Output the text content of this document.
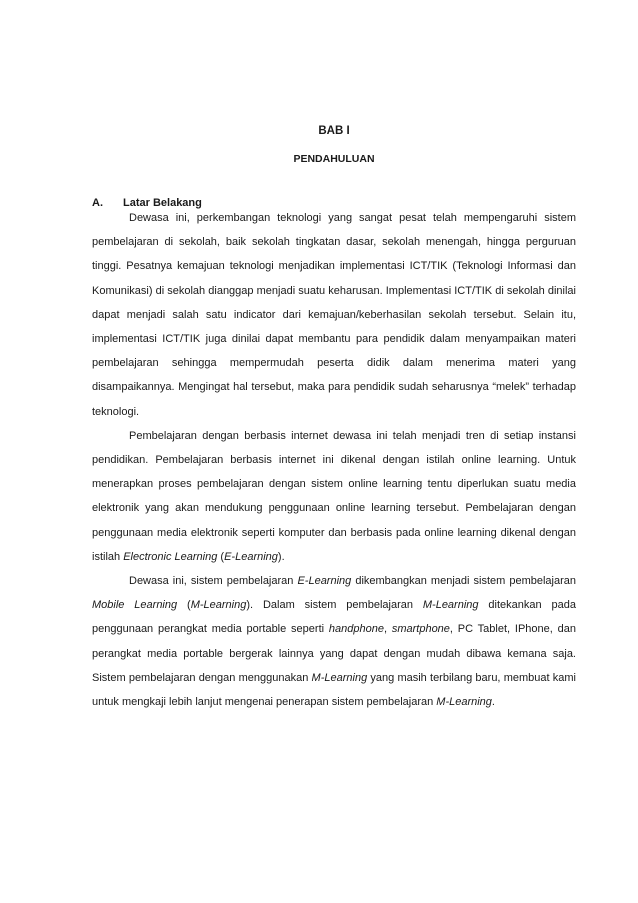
BAB I
PENDAHULUAN
A. Latar Belakang

Dewasa ini, perkembangan teknologi yang sangat pesat telah mempengaruhi sistem pembelajaran di sekolah, baik sekolah tingkatan dasar, sekolah menengah, hingga perguruan tinggi. Pesatnya kemajuan teknologi menjadikan implementasi ICT/TIK (Teknologi Informasi dan Komunikasi) di sekolah dianggap menjadi suatu keharusan. Implementasi ICT/TIK di sekolah dinilai dapat menjadi salah satu indicator dari kemajuan/keberhasilan sekolah tersebut. Selain itu, implementasi ICT/TIK juga dinilai dapat membantu para pendidik dalam menyampaikan materi pembelajaran sehingga mempermudah peserta didik dalam menerima materi yang disampaikannya. Mengingat hal tersebut, maka para pendidik sudah seharusnya “melek” terhadap teknologi.

Pembelajaran dengan berbasis internet dewasa ini telah menjadi tren di setiap instansi pendidikan. Pembelajaran berbasis internet ini dikenal dengan istilah online learning. Untuk menerapkan proses pembelajaran dengan sistem online learning tentu diperlukan suatu media elektronik yang akan mendukung penggunaan online learning tersebut. Pembelajaran dengan penggunaan media elektronik seperti komputer dan berbasis pada online learning dikenal dengan istilah Electronic Learning (E-Learning).

Dewasa ini, sistem pembelajaran E-Learning dikembangkan menjadi sistem pembelajaran Mobile Learning (M-Learning). Dalam sistem pembelajaran M-Learning ditekankan pada penggunaan perangkat media portable seperti handphone, smartphone, PC Tablet, IPhone, dan perangkat media portable bergerak lainnya yang dapat dengan mudah dibawa kemana saja. Sistem pembelajaran dengan menggunakan M-Learning yang masih terbilang baru, membuat kami untuk mengkaji lebih lanjut mengenai penerapan sistem pembelajaran M-Learning.
